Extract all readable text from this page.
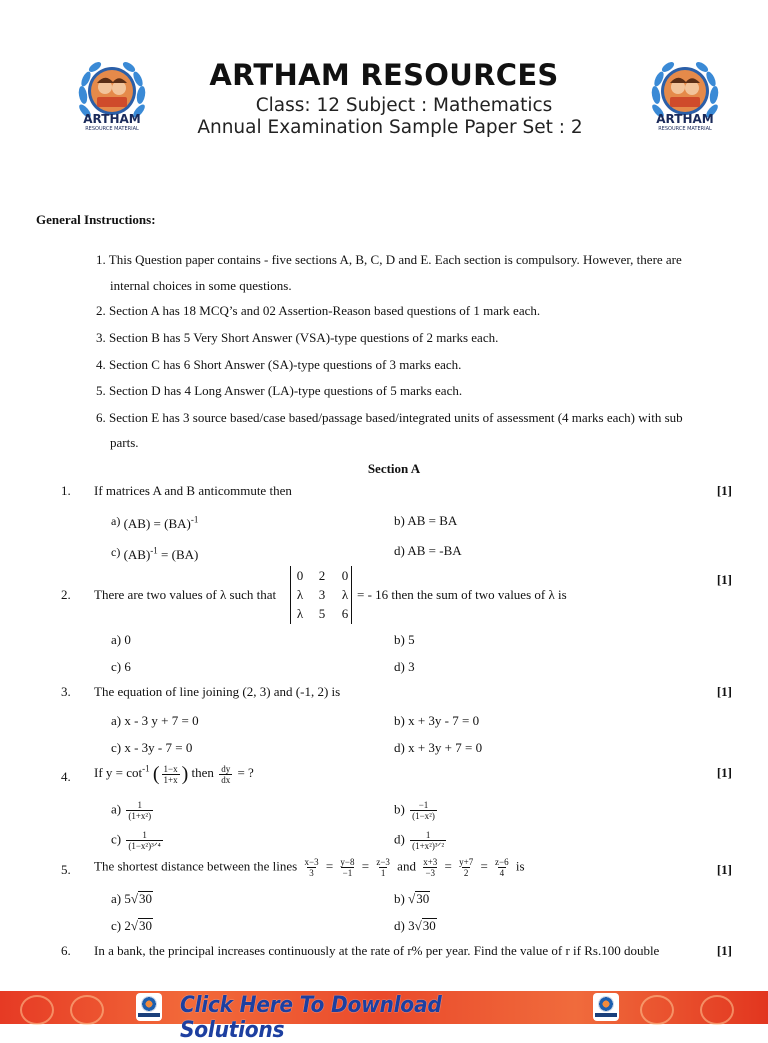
ARTHAM
RESOURCE MATERIAL
ARTHAM
RESOURCE MATERIAL
ARTHAM RESOURCES
Class: 12 Subject : Mathematics
Annual Examination Sample Paper Set : 2
General Instructions:
1. This Question paper contains - five sections A, B, C, D and E. Each section is compulsory. However, there are
internal choices in some questions.
2. Section A has 18 MCQ’s and 02 Assertion-Reason based questions of 1 mark each.
3. Section B has 5 Very Short Answer (VSA)-type questions of 2 marks each.
4. Section C has 6 Short Answer (SA)-type questions of 3 marks each.
5. Section D has 4 Long Answer (LA)-type questions of 5 marks each.
6. Section E has 3 source based/case based/passage based/integrated units of assessment (4 marks each) with sub
parts.
Section A
1. If matrices A and B anticommute then	[1]
a) (AB) = (BA)$^{-1}$	b) AB = BA
c) (AB)$^{-1}$ = (BA)	d) AB = -BA
2. There are two values of λ such that
0	2	0
λ	3	λ
λ	5	6
= - 16 then the sum of two values of λ is
[1]
a) 0	b) 5
c) 6	d) 3
3. The equation of line joining (2, 3) and (-1, 2) is	[1]
a) x - 3 y + 7 = 0	b) x + 3y - 7 = 0
c) x - 3y - 7 = 0	d) x + 3y + 7 = 0
4. If $y = \cot^{-1}$ ( $\frac{1-x}{1+x}$ ) then $\frac{dy}{dx}$ = ?	[1]
$a) \frac{1}{\text{(1+x²)}}$	$b) \frac{-1}{\text{(1−x²)}}$
$c) \frac{1}{\text{(1−x²)³ᐟ⁴}}$	$d) \frac{1}{\text{(1+x²)³ᐟ²}}$
5. The shortest distance between the lines $\frac{x-3}{3} = \frac{y-8}{-1} = \frac{z-3}{1}$ and $\frac{x+3}{-3} = \frac{y+7}{2} = \frac{z-6}{4}$ is	[1]
a) 5√30	b) √30
c) 2√30	d) 3√30
6. In a bank, the principal increases continuously at the rate of r% per year. Find the value of r if Rs.100 double	[1]
Click Here To Download Solutions
